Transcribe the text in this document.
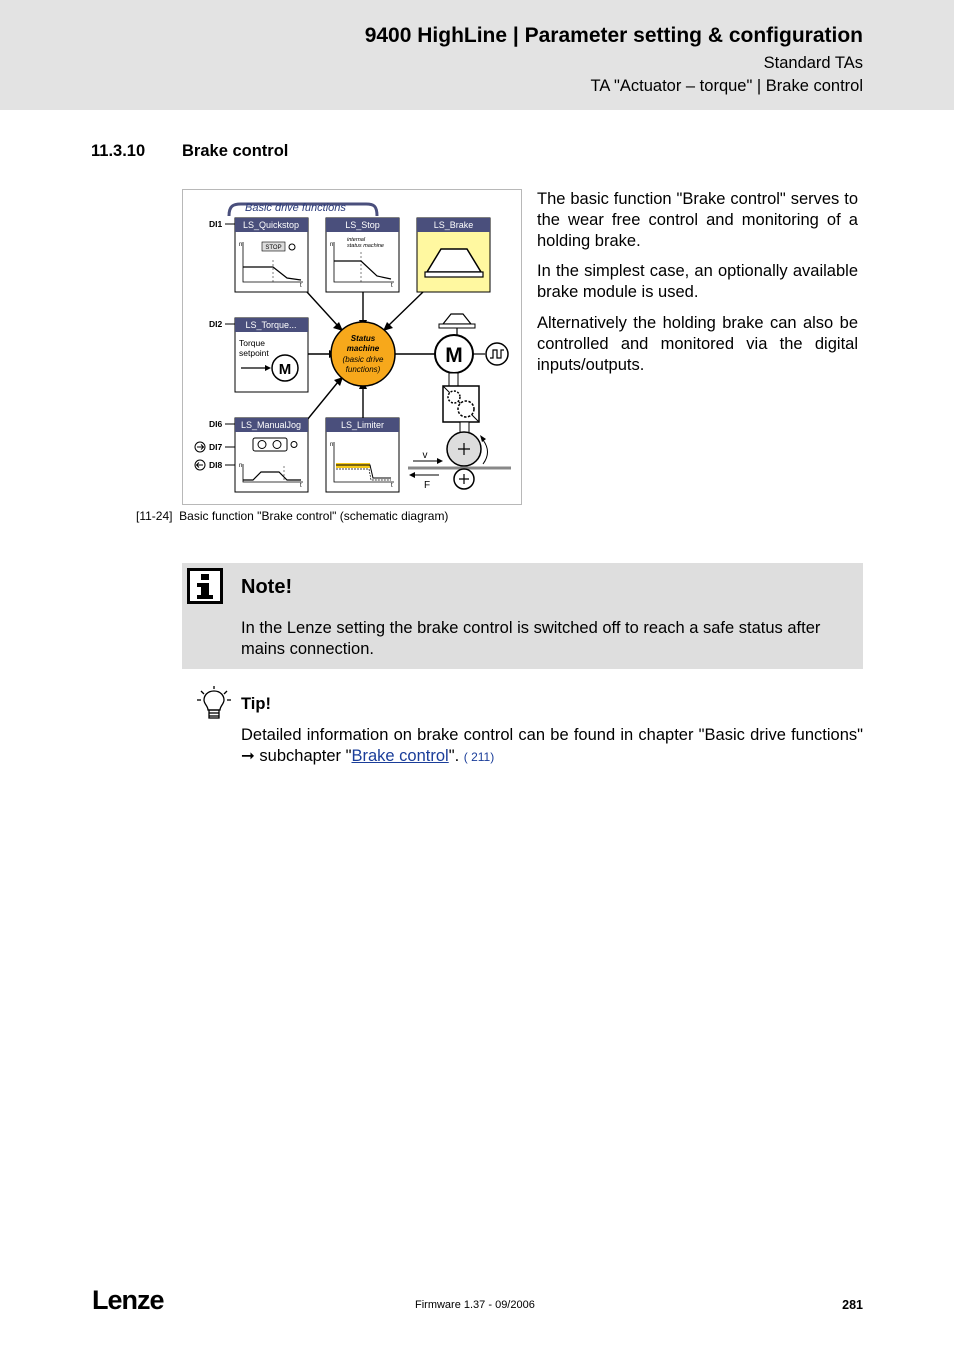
9400 HighLine | Parameter setting & configuration
Standard TAs
TA "Actuator – torque" | Brake control
11.3.10 Brake control
Basic drive functions
LS_Quickstop
n
t
STOP
LS_Stop
n
t
internal
status machine
LS_Brake
LS_Torque...
Torque
setpoint
M
LS_ManualJog
n
t
LS_Limiter
n
t
DI1
DI2
DI6
DI7
DI8
Status
machine
(basic drive
functions)
M
v
F
[11-24] Basic function "Brake control" (schematic diagram)
The basic function "Brake control" serves to the wear free control and monitoring of a holding brake.
In the simplest case, an optionally available brake module is used.
Alternatively the holding brake can also be controlled and monitored via the digital inputs/outputs.
Note!
In the Lenze setting the brake control is switched off to reach a safe status after mains connection.
Tip!
Detailed information on brake control can be found in chapter "Basic drive functions" ➞ subchapter "Brake control". ( 211)
Lenze	Firmware 1.37 - 09/2006	281
